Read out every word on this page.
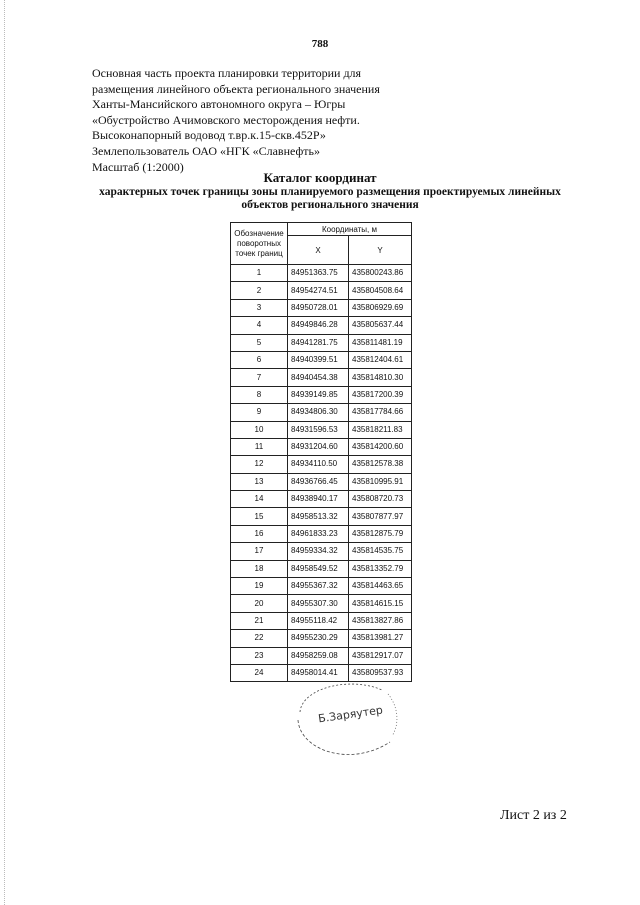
788
Основная часть проекта планировки территории для
размещения линейного объекта регионального значения
Ханты-Мансийского автономного округа – Югры
«Обустройство Ачимовского месторождения нефти.
Высоконапорный водовод т.вр.к.15-скв.452Р»
Землепользователь ОАО «НГК «Славнефть»
Масштаб (1:2000)
Каталог координат
характерных точек границы зоны планируемого размещения проектируемых линейных
объектов регионального значения
Обозначение поворотных точек границ	Координаты, м	
	X	Y
1	84951363.75	435800243.86
2	84954274.51	435804508.64
3	84950728.01	435806929.69
4	84949846.28	435805637.44
5	84941281.75	435811481.19
6	84940399.51	435812404.61
7	84940454.38	435814810.30
8	84939149.85	435817200.39
9	84934806.30	435817784.66
10	84931596.53	435818211.83
11	84931204.60	435814200.60
12	84934110.50	435812578.38
13	84936766.45	435810995.91
14	84938940.17	435808720.73
15	84958513.32	435807877.97
16	84961833.23	435812875.79
17	84959334.32	435814535.75
18	84958549.52	435813352.79
19	84955367.32	435814463.65
20	84955307.30	435814615.15
21	84955118.42	435813827.86
22	84955230.29	435813981.27
23	84958259.08	435812917.07
24	84958014.41	435809537.93
Б.Заряутер
Лист 2 из 2
